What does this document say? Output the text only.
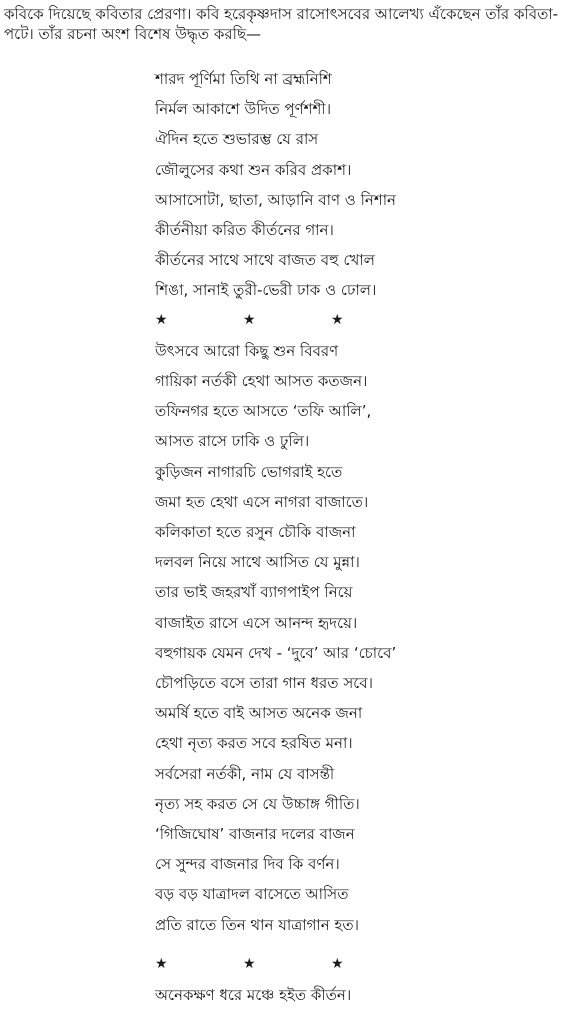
কবিকে দিয়েছে কবিতার প্রেরণা। কবি হরেকৃষ্ণদাস রাসোৎসবের আলেখ্য এঁকেছেন তাঁর কবিতা-
পটে। তাঁর রচনা অংশ বিশেষ উদ্ধৃত করছি—
শারদ পূর্ণিমা তিথি না ব্রহ্মনিশি
নির্মল আকাশে উদিত পূর্ণশশী।
ঐদিন হতে শুভারম্ভ যে রাস
জৌলুসের কথা শুন করিব প্রকাশ।
আসাসোটা, ছাতা, আড়ানি বাণ ও নিশান
কীর্তনীয়া করিত কীর্তনের গান।
কীর্তনের সাথে সাথে বাজত বহু খোল
শিঙা, সানাই তুরী-ভেরী ঢাক ও ঢোল।
★	★	★
উৎসবে আরো কিছু শুন বিবরণ
গায়িকা নর্তকী হেথা আসত কতজন।
তফিনগর হতে আসতে ‘তফি আলি’,
আসত রাসে ঢাকি ও ঢুলি।
কুড়িজন নাগারচি ভোগরাই হতে
জমা হত হেথা এসে নাগরা বাজাতে।
কলিকাতা হতে রসুন চৌকি বাজনা
দলবল নিয়ে সাথে আসিত যে মুন্না।
তার ভাই জহরখাঁ ব্যাগপাইপ নিয়ে
বাজাইত রাসে এসে আনন্দ হৃদয়ে।
বহুগায়ক যেমন দেখ - ‘দুবে’ আর ‘চোবে’
চৌপড়িতে বসে তারা গান ধরত সবে।
অমর্ষি হতে বাই আসত অনেক জনা
হেথা নৃত্য করত সবে হরষিত মনা।
সর্বসেরা নর্তকী, নাম যে বাসন্তী
নৃত্য সহ করত সে যে উচ্চাঙ্গ গীতি।
‘গিজিঘোষ’ বাজনার দলের বাজন
সে সুন্দর বাজনার দিব কি বর্ণন।
বড় বড় যাত্রাদল বাসেতে আসিত
প্রতি রাতে তিন থান যাত্রাগান হত।
★	★	★
অনেকক্ষণ ধরে মঞ্চে হইত কীর্তন।
